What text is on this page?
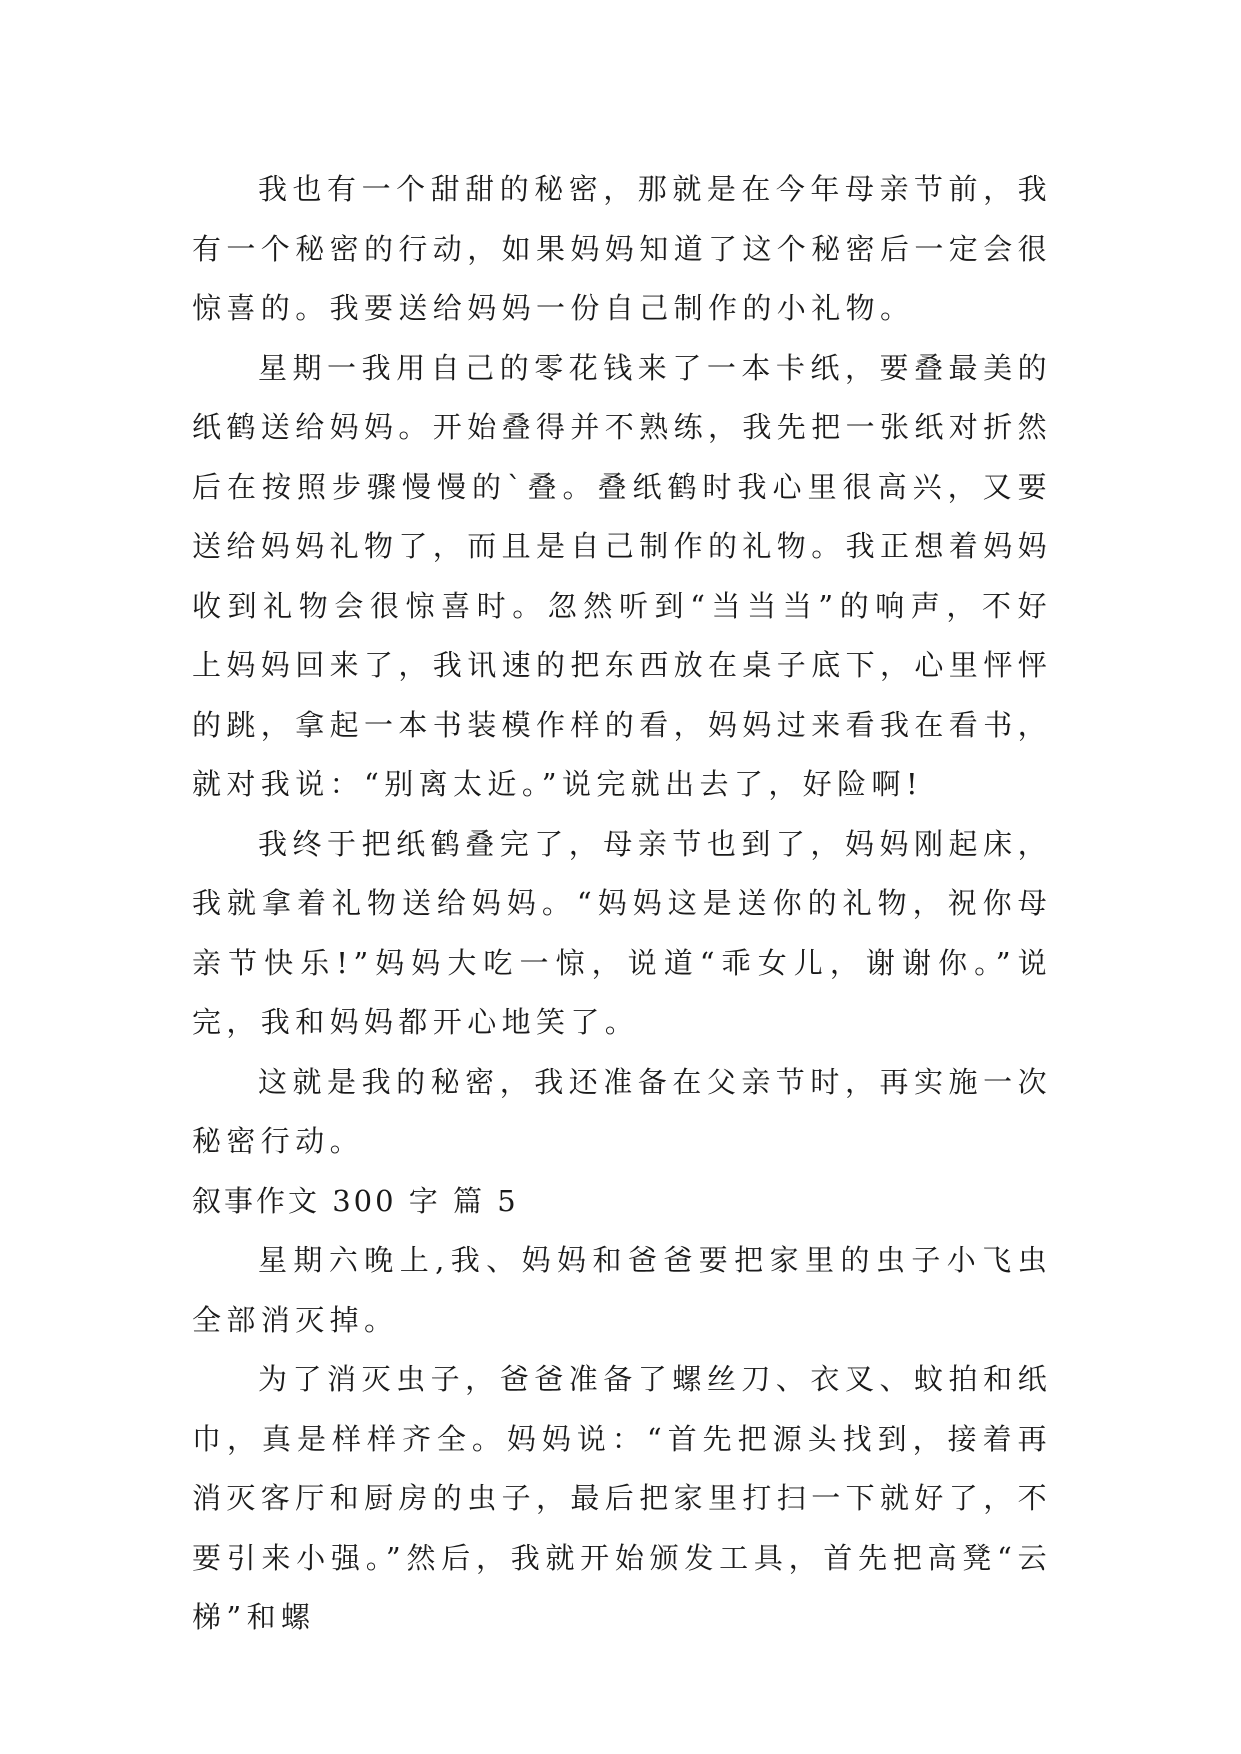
我也有一个甜甜的秘密，那就是在今年母亲节前，我有一个秘密的行动，如果妈妈知道了这个秘密后一定会很惊喜的。我要送给妈妈一份自己制作的小礼物。

星期一我用自己的零花钱来了一本卡纸，要叠最美的纸鹤送给妈妈。开始叠得并不熟练，我先把一张纸对折然后在按照步骤慢慢的`叠。叠纸鹤时我心里很高兴，又要送给妈妈礼物了，而且是自己制作的礼物。我正想着妈妈收到礼物会很惊喜时。忽然听到“当当当”的响声，不好上妈妈回来了，我讯速的把东西放在桌子底下，心里怦怦的跳，拿起一本书装模作样的看，妈妈过来看我在看书，就对我说：“别离太近。”说完就出去了，好险啊!

我终于把纸鹤叠完了，母亲节也到了，妈妈刚起床，我就拿着礼物送给妈妈。“妈妈这是送你的礼物，祝你母亲节快乐!”妈妈大吃一惊，说道“乖女儿，谢谢你。”说完，我和妈妈都开心地笑了。

这就是我的秘密，我还准备在父亲节时，再实施一次秘密行动。

叙事作文 300 字 篇 5

星期六晚上,我、妈妈和爸爸要把家里的虫子小飞虫全部消灭掉。

为了消灭虫子，爸爸准备了螺丝刀、衣叉、蚊拍和纸巾，真是样样齐全。妈妈说：“首先把源头找到，接着再消灭客厅和厨房的虫子，最后把家里打扫一下就好了，不要引来小强。”然后，我就开始颁发工具，首先把高凳“云梯”和螺
